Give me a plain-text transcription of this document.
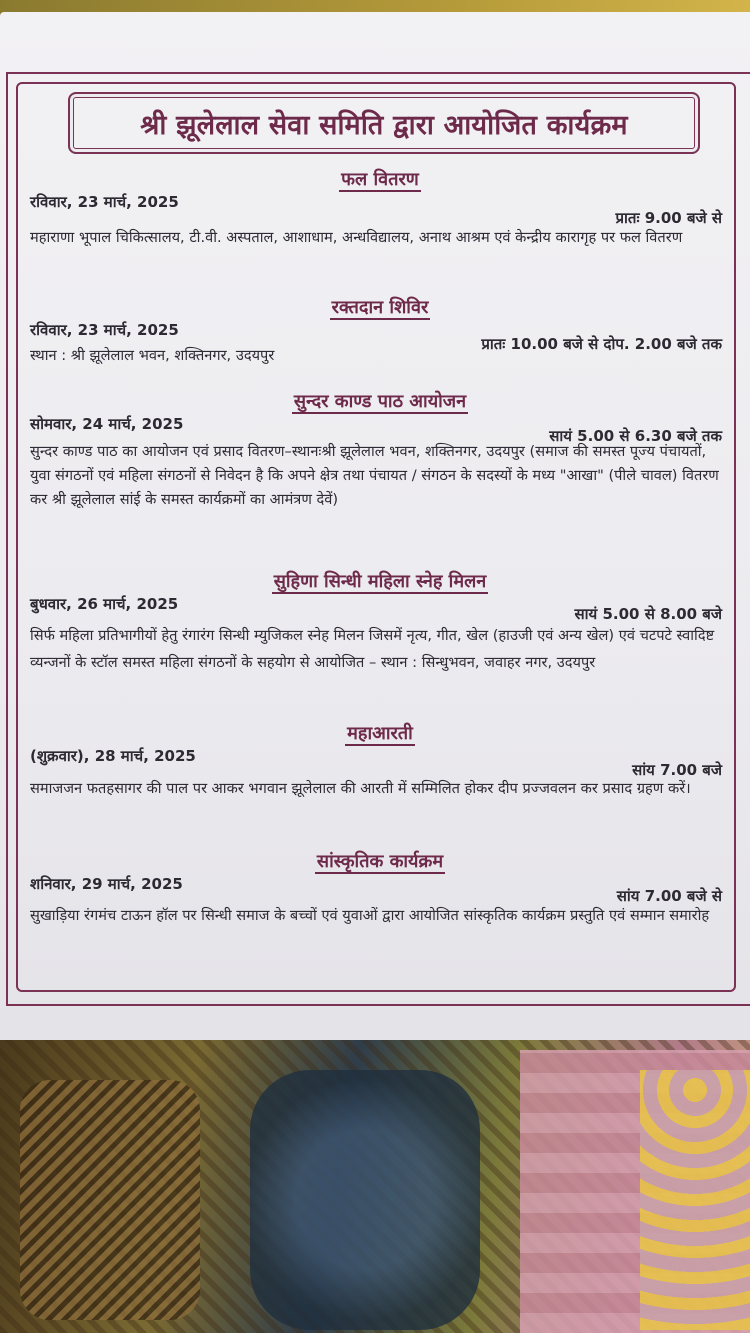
श्री झूलेलाल सेवा समिति द्वारा आयोजित कार्यक्रम
फल वितरण
रविवार, 23 मार्च, 2025
प्रातः 9.00 बजे से
महाराणा भूपाल चिकित्सालय, टी.वी. अस्पताल, आशाधाम, अन्धविद्यालय, अनाथ आश्रम एवं केन्द्रीय कारागृह पर फल वितरण
रक्तदान शिविर
रविवार, 23 मार्च, 2025
प्रातः 10.00 बजे से दोप. 2.00 बजे तक
स्थान : श्री झूलेलाल भवन, शक्तिनगर, उदयपुर
सुन्दर काण्ड पाठ आयोजन
सोमवार, 24 मार्च, 2025
सायं 5.00 से 6.30 बजे तक
सुन्दर काण्ड पाठ का आयोजन एवं प्रसाद वितरण–स्थानःश्री झूलेलाल भवन, शक्तिनगर, उदयपुर (समाज की समस्त पूज्य पंचायतों, युवा संगठनों एवं महिला संगठनों से निवेदन है कि अपने क्षेत्र तथा पंचायत / संगठन के सदस्यों के मध्य "आखा" (पीले चावल) वितरण कर श्री झूलेलाल सांई के समस्त कार्यक्रमों का आमंत्रण देवें)
सुहिणा सिन्धी महिला स्नेह मिलन
बुधवार, 26 मार्च, 2025
सायं 5.00 से 8.00 बजे
सिर्फ महिला प्रतिभागीयों हेतु रंगारंग सिन्धी म्युजिकल स्नेह मिलन जिसमें नृत्य, गीत, खेल (हाउजी एवं अन्य खेल) एवं चटपटे स्वादिष्ट व्यन्जनों के स्टॉल समस्त महिला संगठनों के सहयोग से आयोजित – स्थान : सिन्धुभवन, जवाहर नगर, उदयपुर
महाआरती
(शुक्रवार), 28 मार्च, 2025
सांय 7.00 बजे
समाजजन फतहसागर की पाल पर आकर भगवान झूलेलाल की आरती में सम्मिलित होकर दीप प्रज्जवलन कर प्रसाद ग्रहण करें।
सांस्कृतिक कार्यक्रम
शनिवार, 29 मार्च, 2025
सांय 7.00 बजे से
सुखाड़िया रंगमंच टाऊन हॉल पर सिन्धी समाज के बच्चों एवं युवाओं द्वारा आयोजित सांस्कृतिक कार्यक्रम प्रस्तुति एवं सम्मान समारोह
